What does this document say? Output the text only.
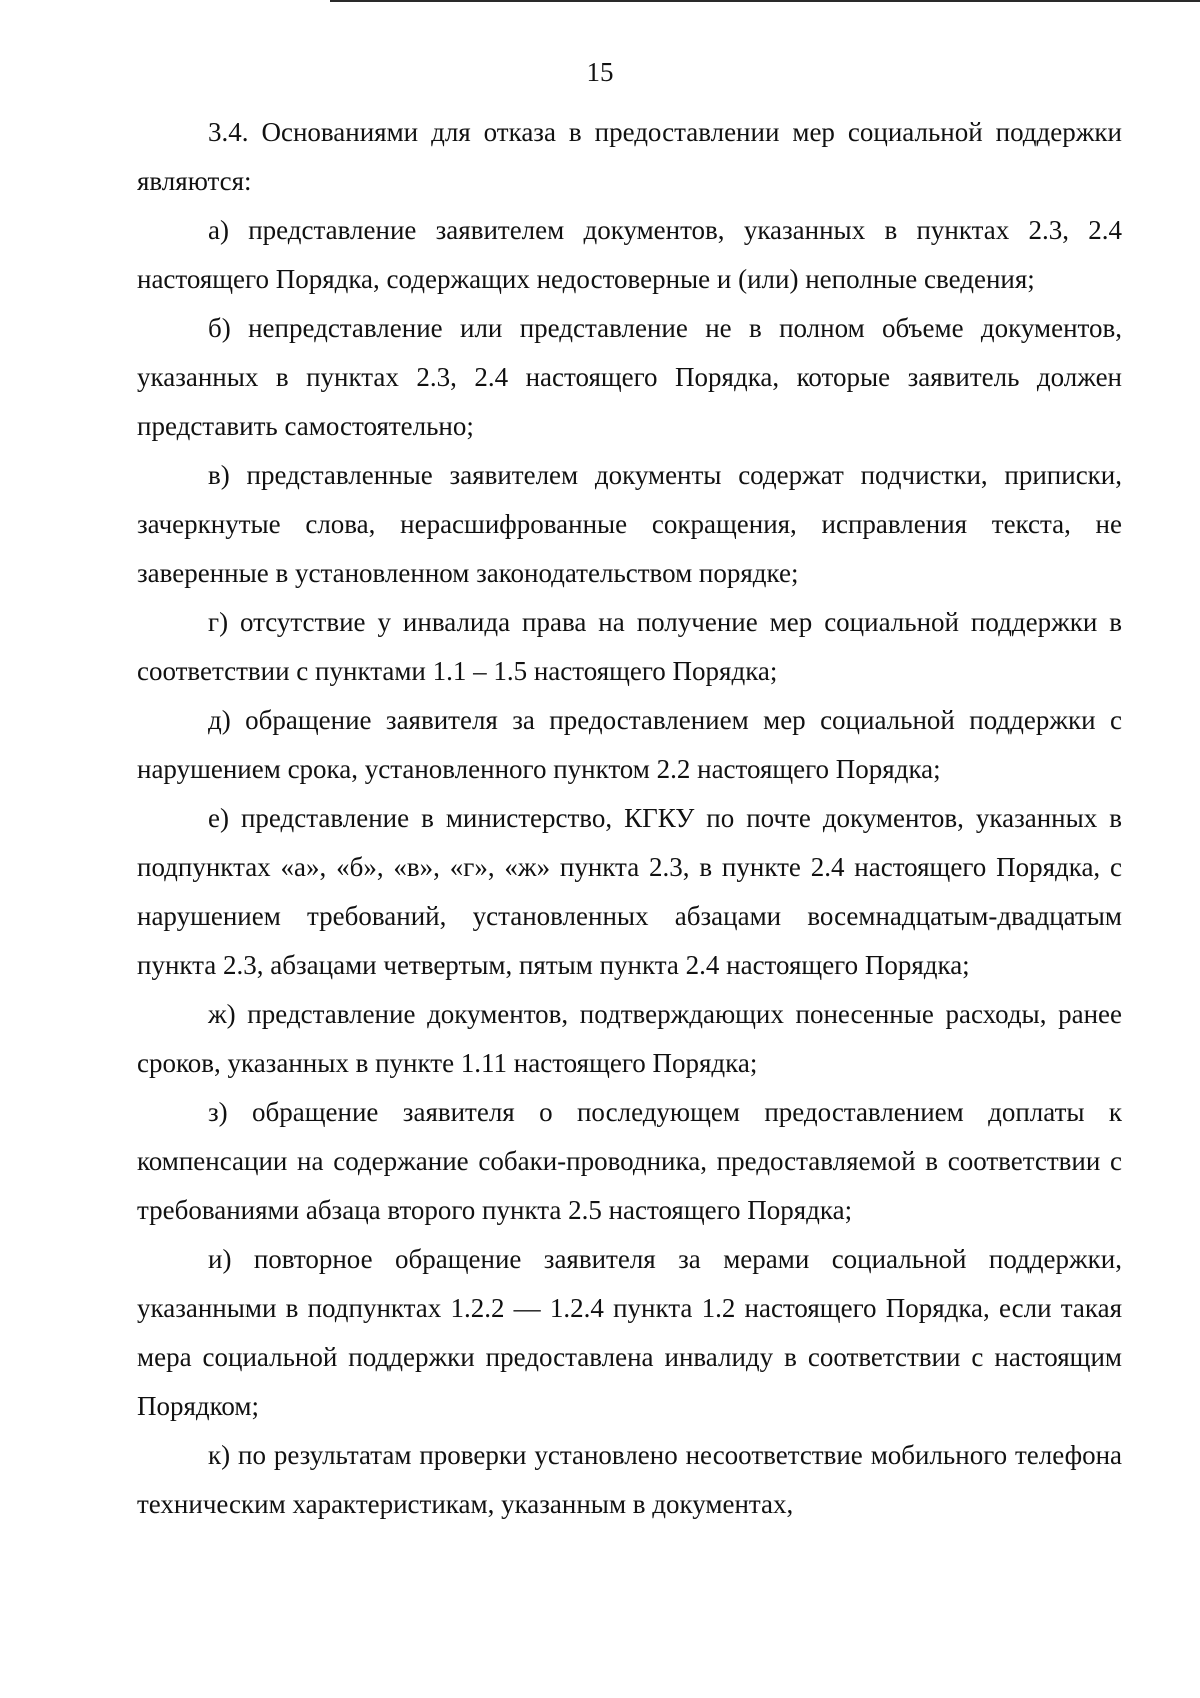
15

3.4. Основаниями для отказа в предоставлении мер социальной поддержки являются:

а) представление заявителем документов, указанных в пунктах 2.3, 2.4 настоящего Порядка, содержащих недостоверные и (или) неполные сведения;

б) непредставление или представление не в полном объеме документов, указанных в пунктах 2.3, 2.4 настоящего Порядка, которые заявитель должен представить самостоятельно;

в) представленные заявителем документы содержат подчистки, приписки, зачеркнутые слова, нерасшифрованные сокращения, исправления текста, не заверенные в установленном законодательством порядке;

г) отсутствие у инвалида права на получение мер социальной поддержки в соответствии с пунктами 1.1 – 1.5 настоящего Порядка;

д) обращение заявителя за предоставлением мер социальной поддержки с нарушением срока, установленного пунктом 2.2 настоящего Порядка;

е) представление в министерство, КГКУ по почте документов, указанных в подпунктах «а», «б», «в», «г», «ж» пункта 2.3, в пункте 2.4 настоящего Порядка, с нарушением требований, установленных абзацами восемнадцатым-двадцатым пункта 2.3, абзацами четвертым, пятым пункта 2.4 настоящего Порядка;

ж) представление документов, подтверждающих понесенные расходы, ранее сроков, указанных в пункте 1.11 настоящего Порядка;

з) обращение заявителя о последующем предоставлением доплаты к компенсации на содержание собаки-проводника, предоставляемой в соответствии с требованиями абзаца второго пункта 2.5 настоящего Порядка;

и) повторное обращение заявителя за мерами социальной поддержки, указанными в подпунктах 1.2.2 — 1.2.4 пункта 1.2 настоящего Порядка, если такая мера социальной поддержки предоставлена инвалиду в соответствии с настоящим Порядком;

к) по результатам проверки установлено несоответствие мобильного телефона техническим характеристикам, указанным в документах,
